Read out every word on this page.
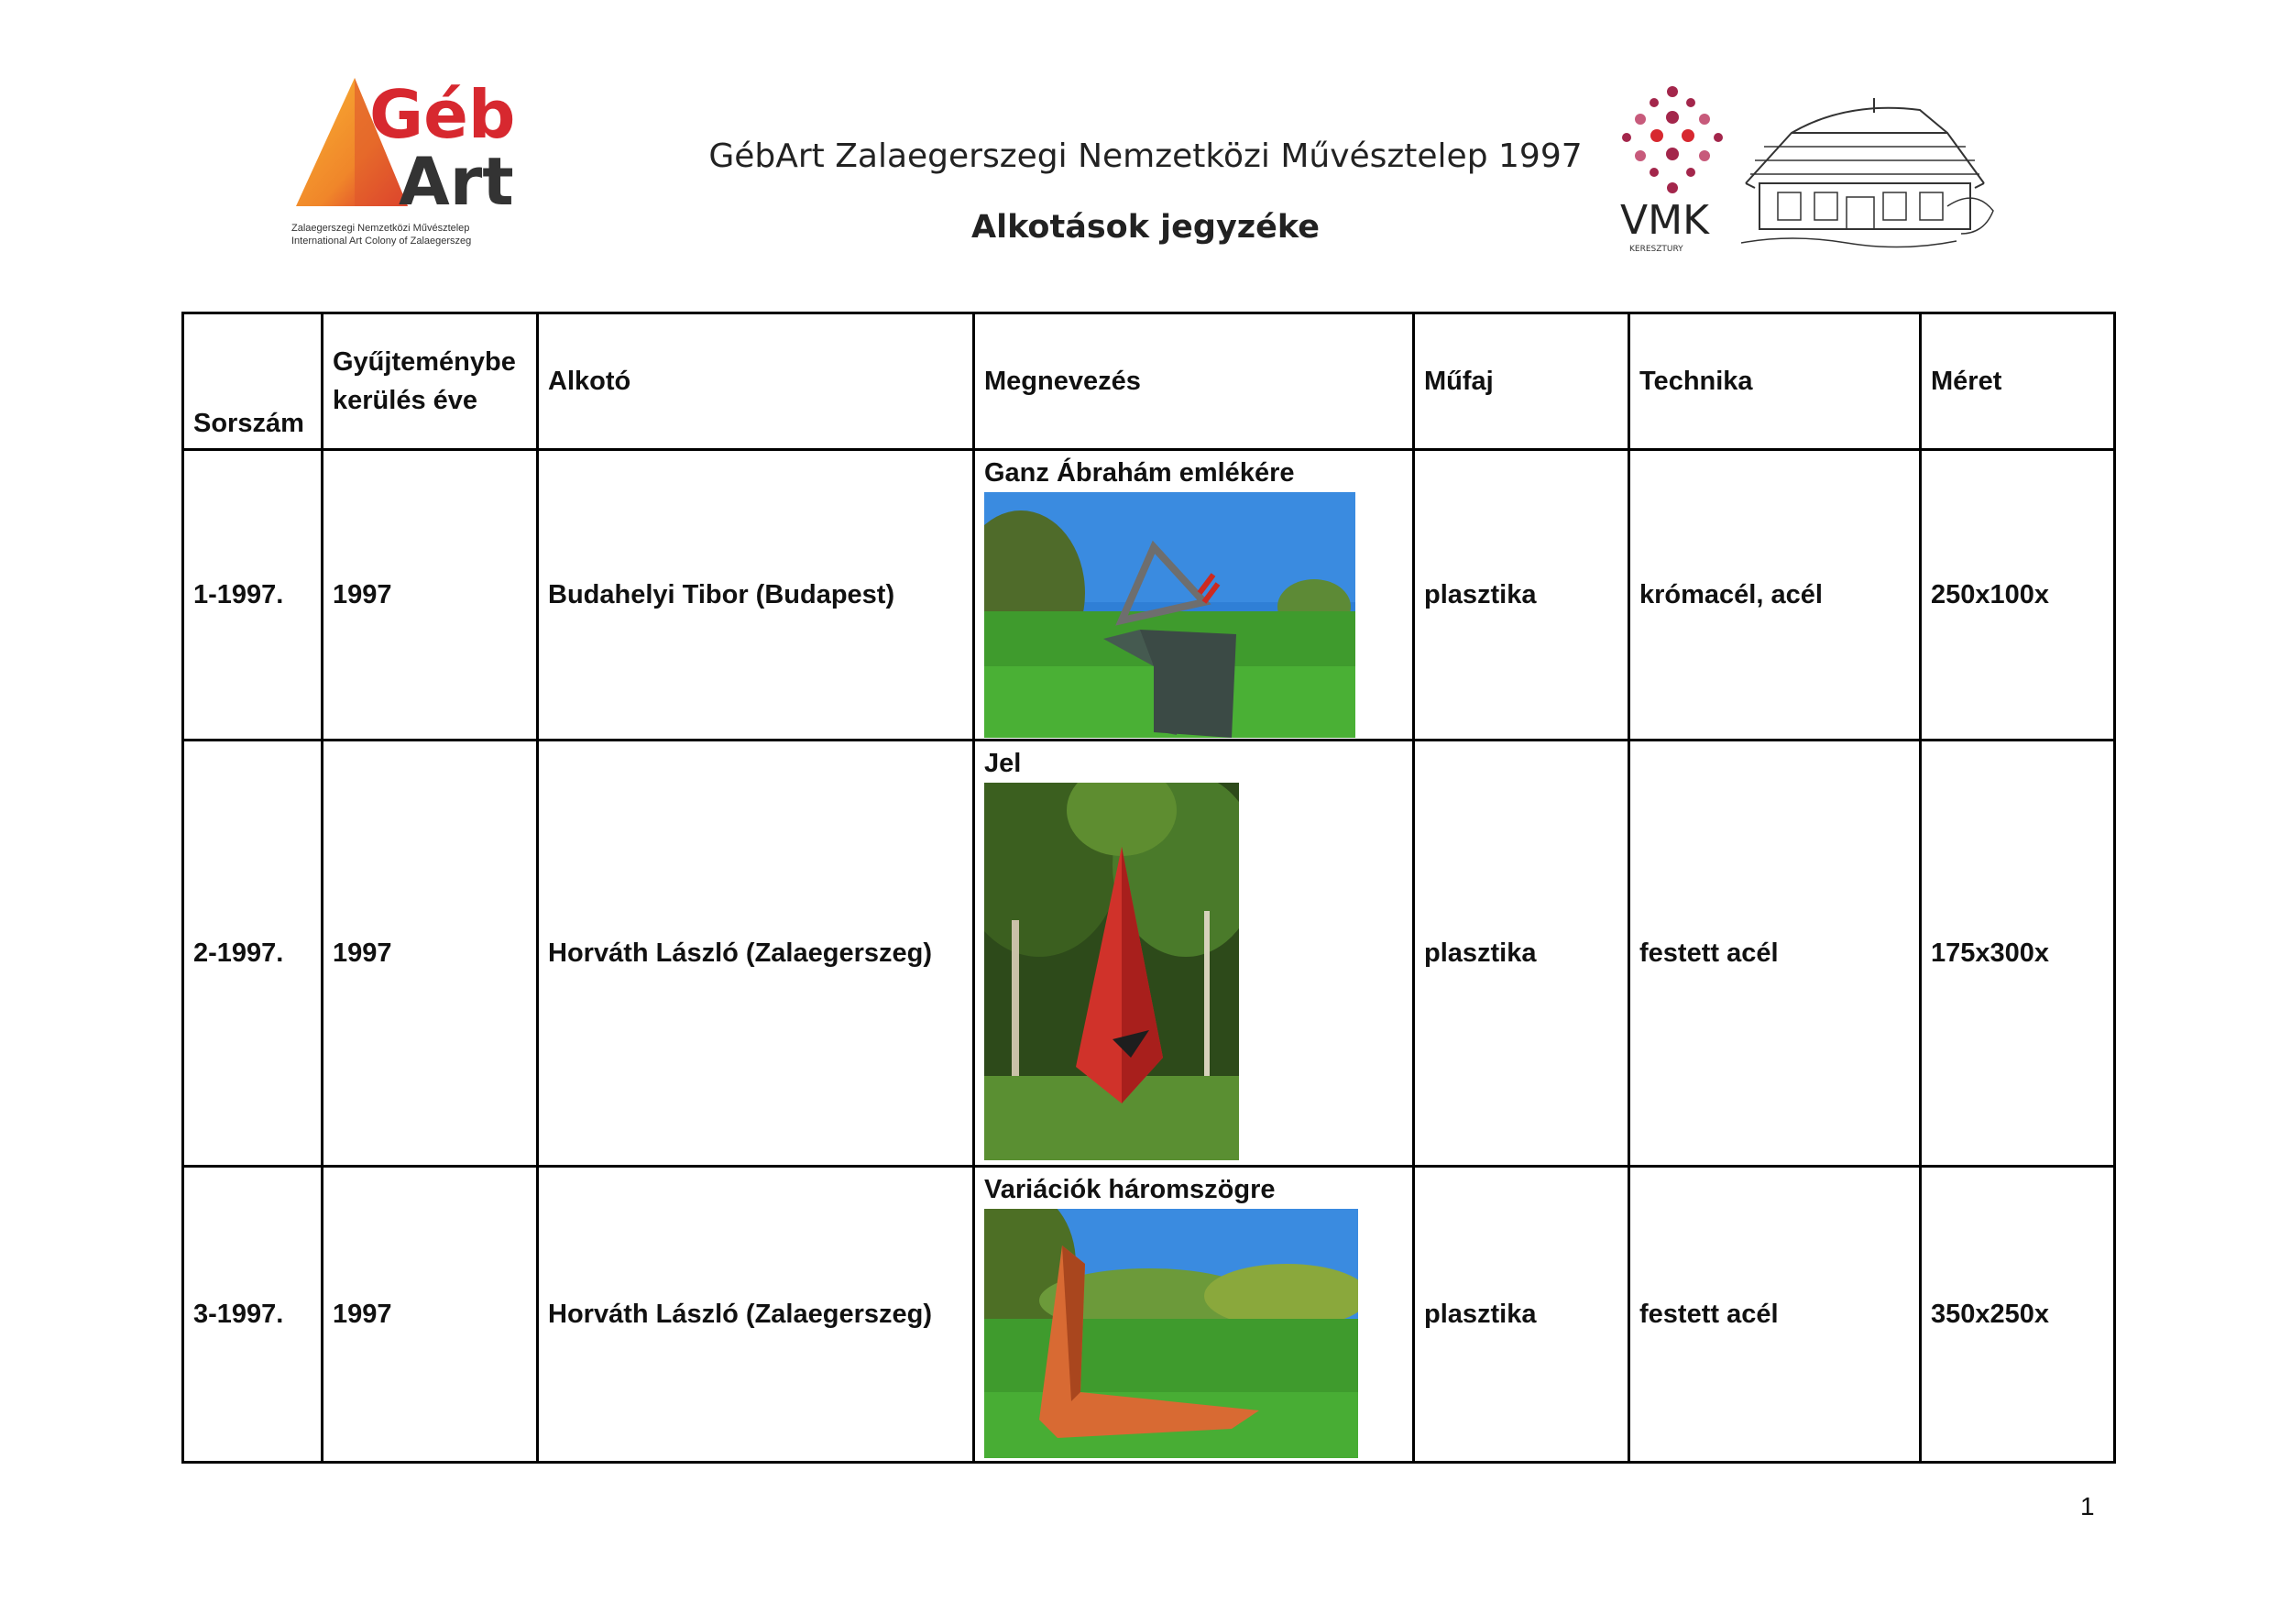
Géb
Art
Zalaegerszegi Nemzetközi Művésztelep
International Art Colony of Zalaegerszeg
GébArt Zalaegerszegi Nemzetközi Művésztelep 1997
Alkotások jegyzéke	VMK
KERESZTURY
Sorszám	Gyűjteménybe kerülés éve	Alkotó	Megnevezés	Műfaj	Technika	Méret
1-1997.	1997	Budahelyi Tibor (Budapest)	Ganz Ábrahám emlékére	plasztika	krómacél, acél	250x100x
2-1997.	1997	Horváth László (Zalaegerszeg)	Jel	plasztika	festett acél	175x300x
3-1997.	1997	Horváth László (Zalaegerszeg)	Variációk háromszögre	plasztika	festett acél	350x250x
1
